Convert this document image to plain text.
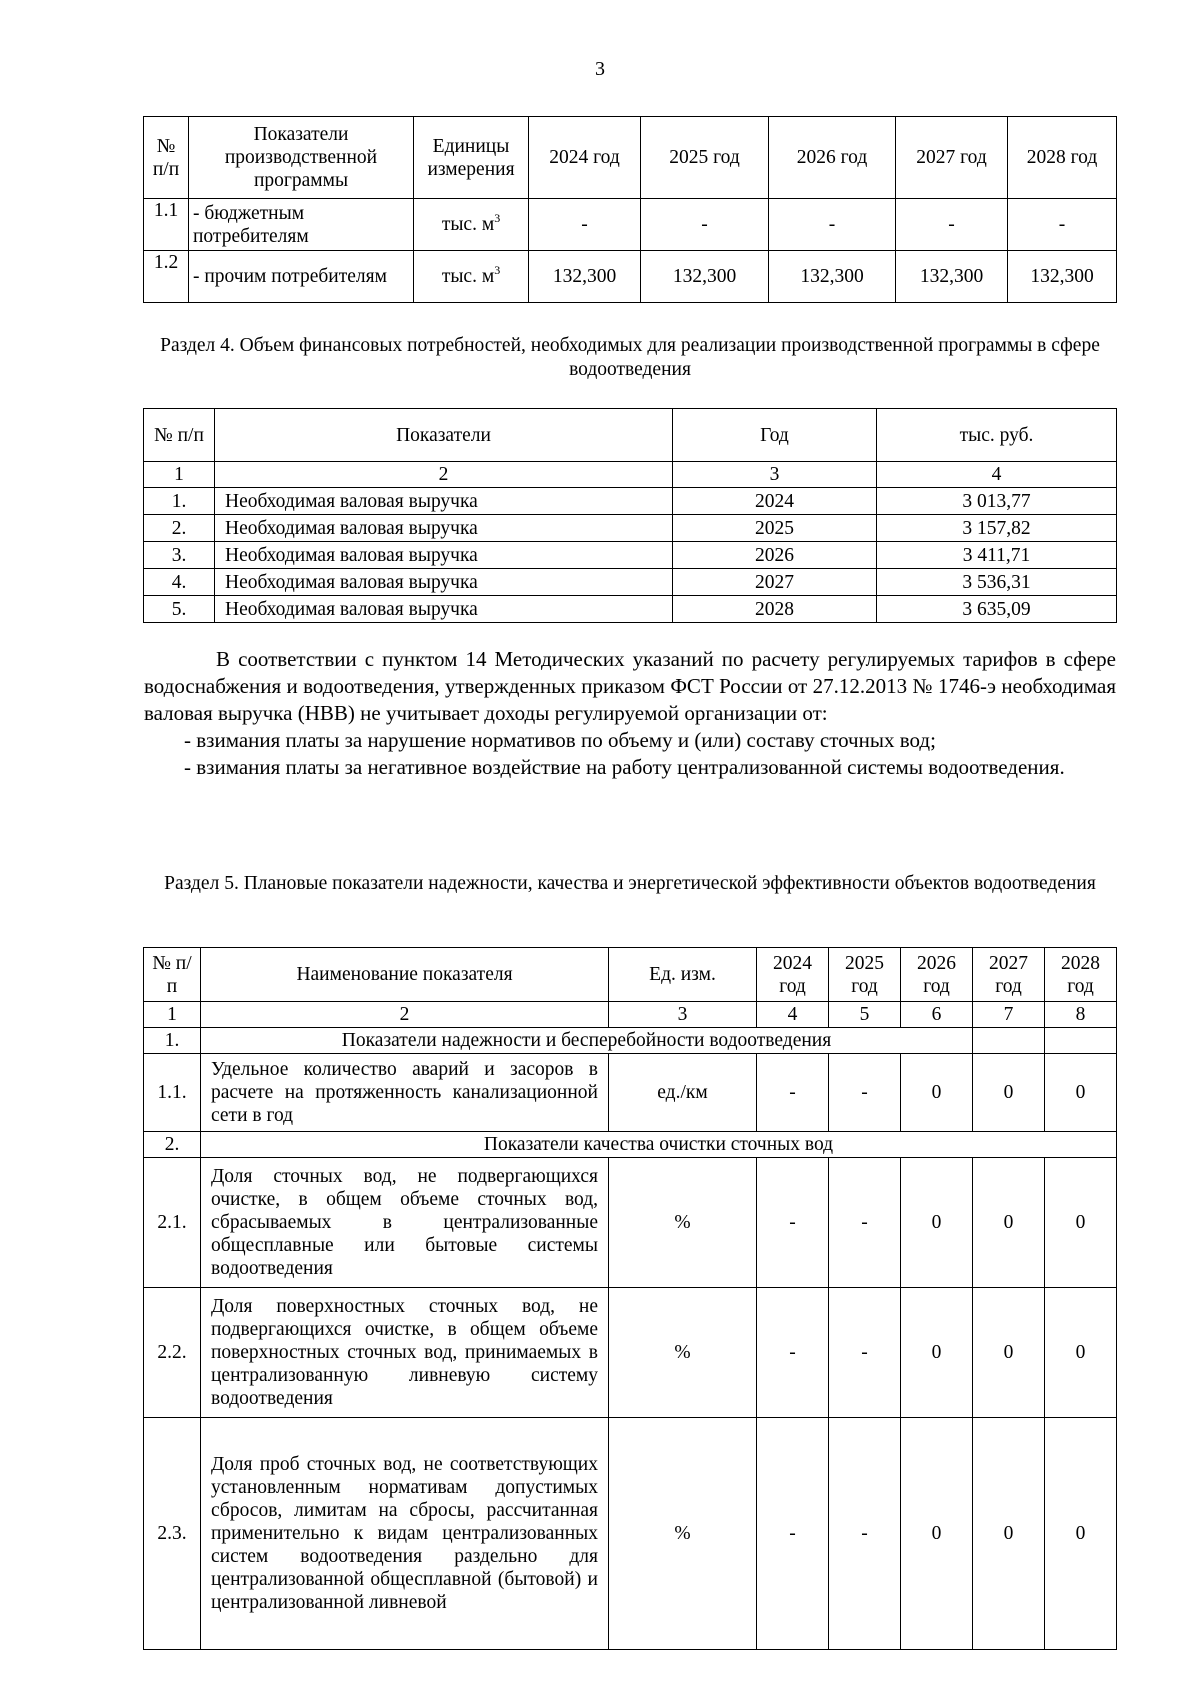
3
№ п/п	Показатели производственной программы	Единицы измерения	2024 год	2025 год	2026 год	2027 год	2028 год
1.1	- бюджетным потребителям	тыс. $м^3$	-	-	-	-	-
1.2	- прочим потребителям	тыс. $м^3$	132,300	132,300	132,300	132,300	132,300
Раздел 4. Объем финансовых потребностей, необходимых для реализации производственной программы в сфере водоотведения
№ п/п	Показатели	Год	тыс. руб.
1	2	3	4
1.	Необходимая валовая выручка	2024	3 013,77
2.	Необходимая валовая выручка	2025	3 157,82
3.	Необходимая валовая выручка	2026	3 411,71
4.	Необходимая валовая выручка	2027	3 536,31
5.	Необходимая валовая выручка	2028	3 635,09

В соответствии с пунктом 14 Методических указаний по расчету регулируемых тарифов в сфере водоснабжения и водоотведения, утвержденных приказом ФСТ России от 27.12.2013 № 1746-э необходимая валовая выручка (НВВ) не учитывает доходы регулируемой организации от:

- взимания платы за нарушение нормативов по объему и (или) составу сточных вод;

- взимания платы за негативное воздействие на работу централизованной системы водоотведения.

Раздел 5. Плановые показатели надежности, качества и энергетической эффективности объектов водоотведения
№ п/п	Наименование показателя	Ед. изм.	2024 год	2025 год	2026 год	2027 год	2028 год
1	2	3	4	5	6	7	8
1.	Показатели надежности и бесперебойности водоотведения						
1.1.	Удельное количество аварий и засоров в расчете на протяженность канализационной сети в год	ед./км	-	-	0	0	0
2.	Показатели качества очистки сточных вод						
2.1.	Доля сточных вод, не подвергающихся очистке, в общем объеме сточных вод, сбрасываемых в централизованные общесплавные или бытовые системы водоотведения	%	-	-	0	0	0
2.2.	Доля поверхностных сточных вод, не подвергающихся очистке, в общем объеме поверхностных сточных вод, принимаемых в централизованную ливневую систему водоотведения	%	-	-	0	0	0
2.3.	Доля проб сточных вод, не соответствующих установленным нормативам допустимых сбросов, лимитам на сбросы, рассчитанная применительно к видам централизованных систем водоотведения раздельно для централизованной общесплавной (бытовой) и централизованной ливневой	%	-	-	0	0	0
